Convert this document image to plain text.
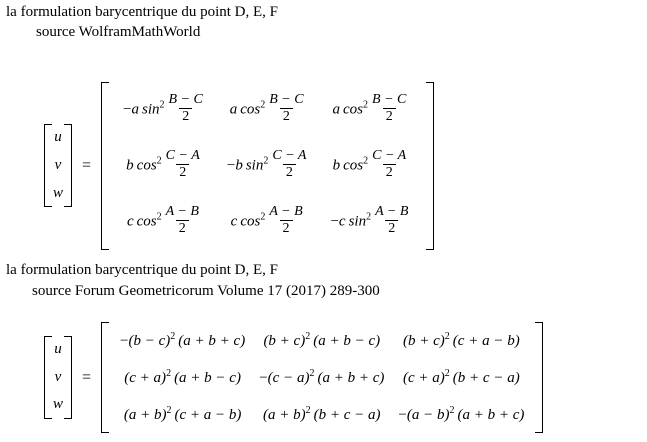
la formulation barycentrique du point D, E, F
source WolframMathWorld
u
v
w
=
−a $\sin^2 \frac{B - C}{2}$	a $\cos^2 \frac{B - C}{2}$	a $\cos^2 \frac{B - C}{2}$

b $\cos^2 \frac{C - A}{2}$	−b $\sin^2 \frac{C - A}{2}$	b $\cos^2 \frac{C - A}{2}$

c $\cos^2 \frac{A - B}{2}$	c $\cos^2 \frac{A - B}{2}$	−c $\sin^2 \frac{A - B}{2}$
la formulation barycentrique du point D, E, F
source Forum Geometricorum Volume 17 (2017) 289-300
u
v
w
=
$-(b - c)^2$ (a + b + c)	$(b + c)^2$ (a + b − c)	$(b + c)^2$ (c + a − b)
$(c + a)^2$ (a + b − c)	$-(c - a)^2$ (a + b + c)	$(c + a)^2$ (b + c − a)
$(a + b)^2$ (c + a − b)	$(a + b)^2$ (b + c − a)	$-(a - b)^2$ (a + b + c)
